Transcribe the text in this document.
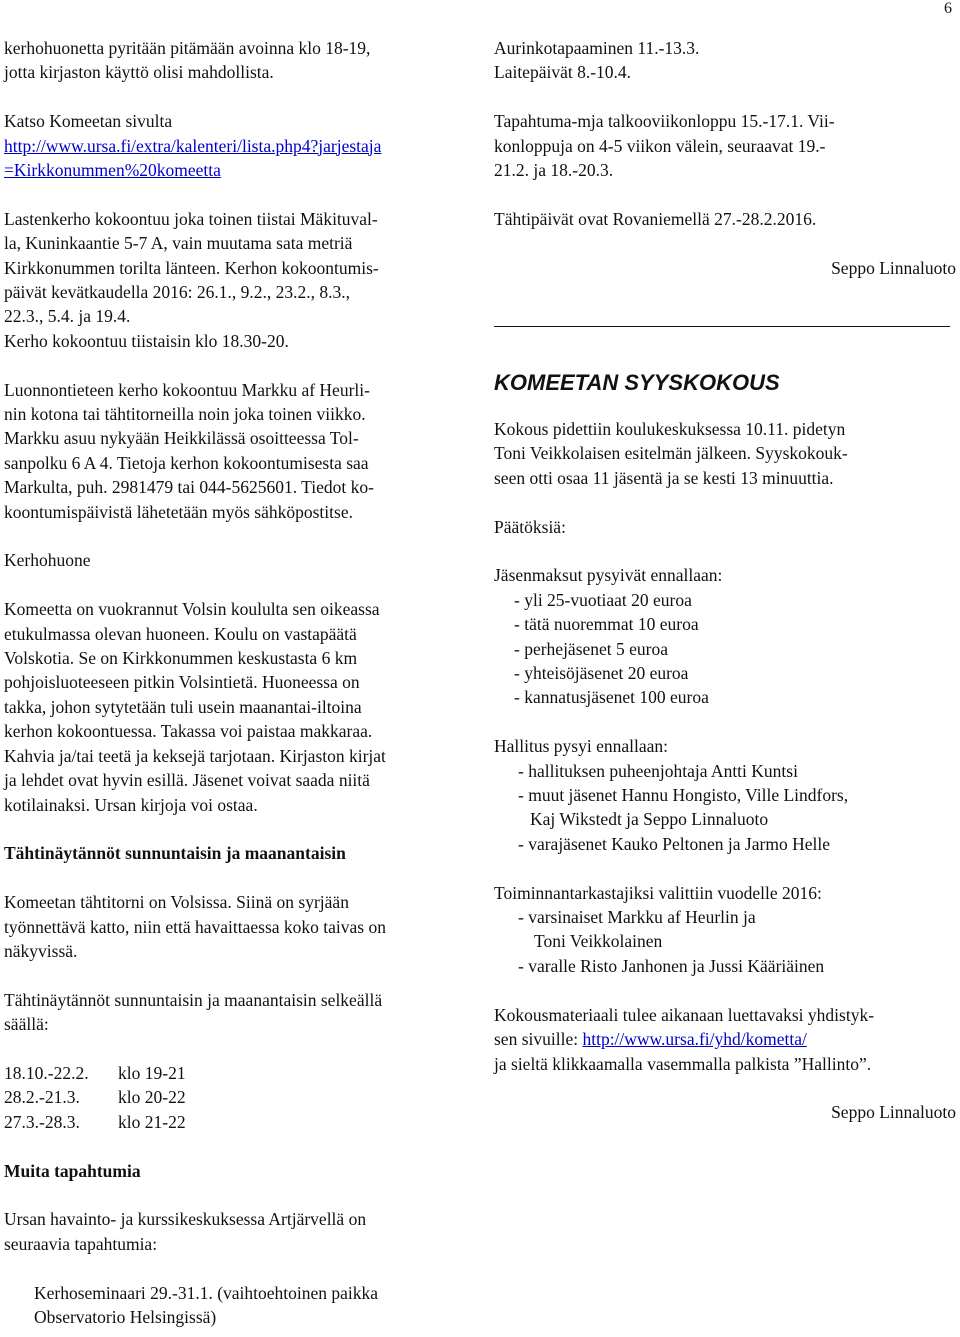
6

kerhohuonetta pyritään pitämään avoinna klo 18-19,
jotta kirjaston käyttö olisi mahdollista.

Katso Komeetan sivulta
http://www.ursa.fi/extra/kalenteri/lista.php4?jarjestaja
=Kirkkonummen%20komeetta

Lastenkerho kokoontuu joka toinen tiistai Mäkituval-
la, Kuninkaantie 5-7 A, vain muutama sata metriä
Kirkkonummen torilta länteen. Kerhon kokoontumis-
päivät kevätkaudella 2016: 26.1., 9.2., 23.2., 8.3.,
22.3., 5.4. ja 19.4.
Kerho kokoontuu tiistaisin klo 18.30-20.

Luonnontieteen kerho kokoontuu Markku af Heurli-
nin kotona tai tähtitorneilla noin joka toinen viikko.
Markku asuu nykyään Heikkilässä osoitteessa Tol-
sanpolku 6 A 4. Tietoja kerhon kokoontumisesta saa
Markulta, puh. 2981479 tai 044-5625601. Tiedot ko-
koontumispäivistä lähetetään myös sähköpostitse.

Kerhohuone

Komeetta on vuokrannut Volsin koululta sen oikeassa
etukulmassa olevan huoneen. Koulu on vastapäätä
Volskotia. Se on Kirkkonummen keskustasta 6 km
pohjoisluoteeseen pitkin Volsintietä. Huoneessa on
takka, johon sytytetään tuli usein maanantai-iltoina
kerhon kokoontuessa. Takassa voi paistaa makkaraa.
Kahvia ja/tai teetä ja keksejä tarjotaan. Kirjaston kirjat
ja lehdet ovat hyvin esillä. Jäsenet voivat saada niitä
kotilainaksi. Ursan kirjoja voi ostaa.

Tähtinäytännöt sunnuntaisin ja maanantaisin

Komeetan tähtitorni on Volsissa. Siinä on syrjään
työnnettävä katto, niin että havaittaessa koko taivas on
näkyvissä.

Tähtinäytännöt sunnuntaisin ja maanantaisin selkeällä
säällä:

18.10.-22.2. klo 19-21
28.2.-21.3. klo 20-22
27.3.-28.3. klo 21-22

Muita tapahtumia

Ursan havainto- ja kurssikeskuksessa Artjärvellä on
seuraavia tapahtumia:

Kerhoseminaari 29.-31.1. (vaihtoehtoinen paikka
Observatorio Helsingissä)

Aurinkotapaaminen 11.-13.3.

Laitepäivät 8.-10.4.

Tapahtuma-mja talkooviikonloppu 15.-17.1. Vii-
konloppuja on 4-5 viikon välein, seuraavat 19.-
21.2. ja 18.-20.3.

Tähtipäivät ovat Rovaniemellä 27.-28.2.2016.

Seppo Linnaluoto

KOMEETAN SYYSKOKOUS

Kokous pidettiin koulukeskuksessa 10.11. pidetyn
Toni Veikkolaisen esitelmän jälkeen. Syyskokouk-
seen otti osaa 11 jäsentä ja se kesti 13 minuuttia.

Päätöksiä:

Jäsenmaksut pysyivät ennallaan:
- yli 25-vuotiaat 20 euroa
- tätä nuoremmat 10 euroa
- perhejäsenet 5 euroa
- yhteisöjäsenet 20 euroa
- kannatusjäsenet 100 euroa

Hallitus pysyi ennallaan:
- hallituksen puheenjohtaja Antti Kuntsi
- muut jäsenet Hannu Hongisto, Ville Lindfors,
Kaj Wikstedt ja Seppo Linnaluoto
- varajäsenet Kauko Peltonen ja Jarmo Helle

Toiminnantarkastajiksi valittiin vuodelle 2016:
- varsinaiset Markku af Heurlin ja
Toni Veikkolainen
- varalle Risto Janhonen ja Jussi Kääriäinen

Kokousmateriaali tulee aikanaan luettavaksi yhdistyk-
sen sivuille: http://www.ursa.fi/yhd/kometta/
ja sieltä klikkaamalla vasemmalla palkista ”Hallinto”.

Seppo Linnaluoto
